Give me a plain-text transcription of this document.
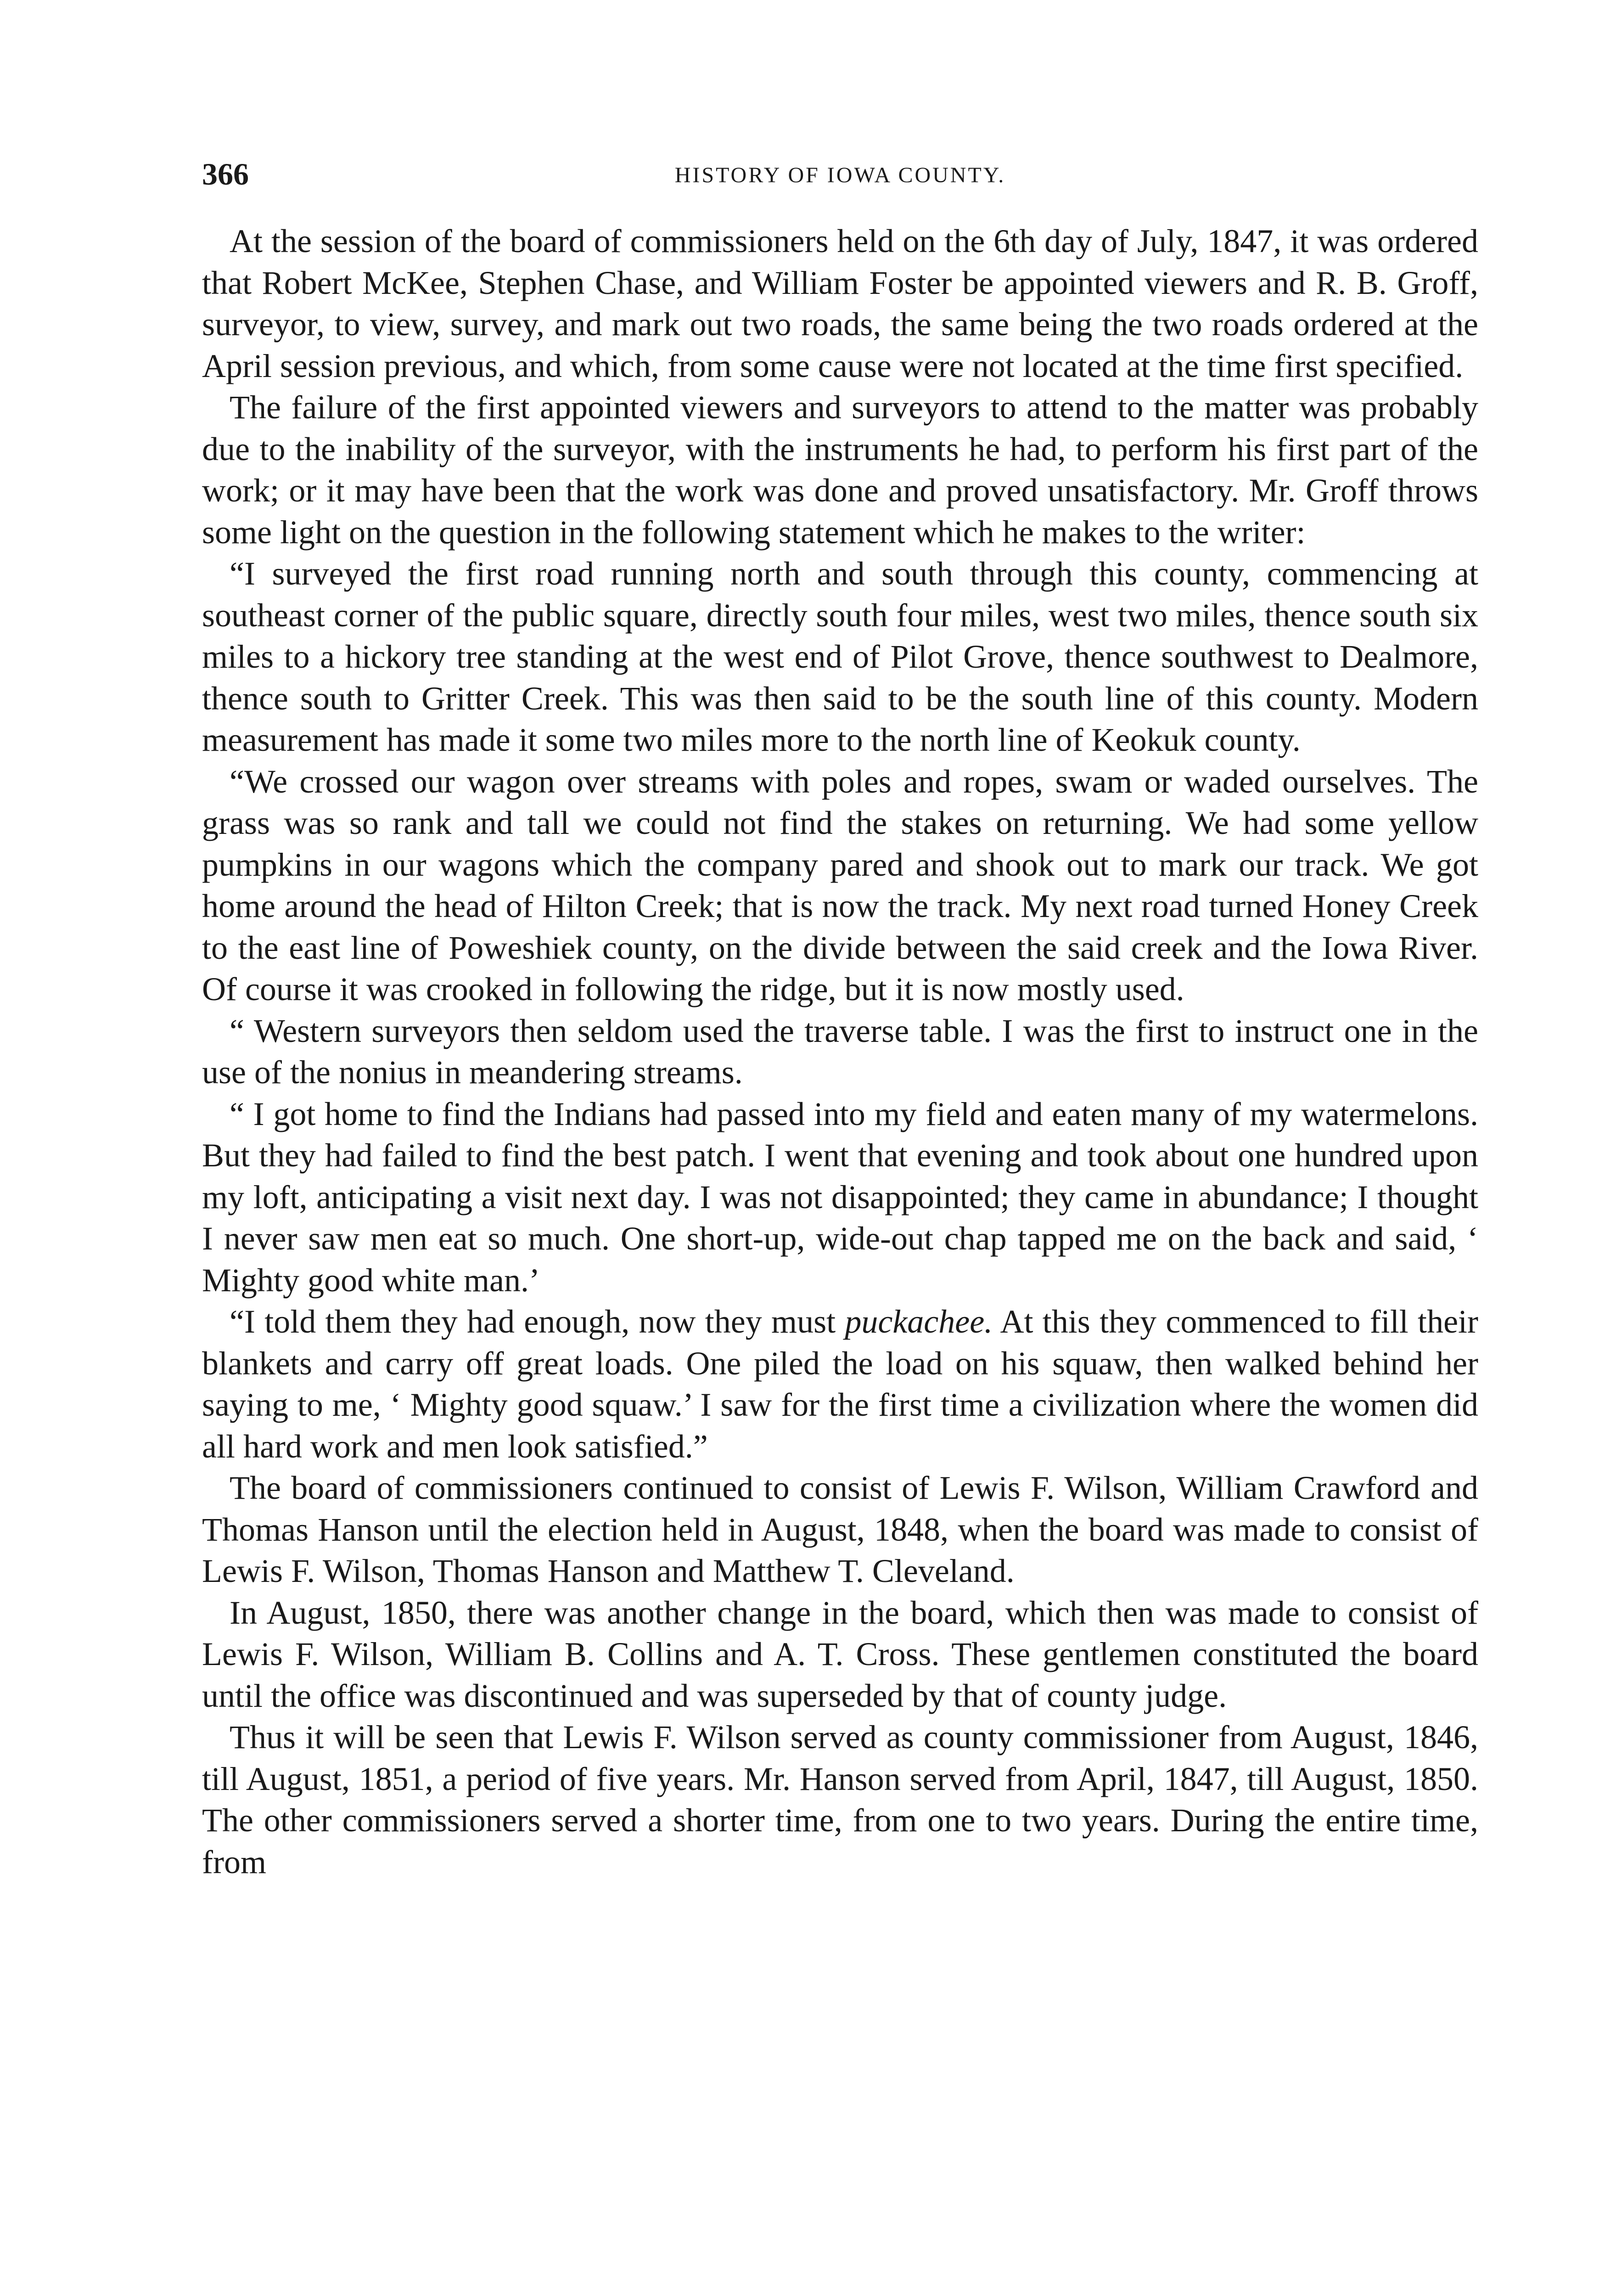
366	HISTORY OF IOWA COUNTY.

At the session of the board of commissioners held on the 6th day of July, 1847, it was ordered that Robert McKee, Stephen Chase, and William Foster be appointed viewers and R. B. Groff, surveyor, to view, survey, and mark out two roads, the same being the two roads ordered at the April session previous, and which, from some cause were not located at the time first specified.

The failure of the first appointed viewers and surveyors to attend to the matter was probably due to the inability of the surveyor, with the instruments he had, to perform his first part of the work; or it may have been that the work was done and proved unsatisfactory. Mr. Groff throws some light on the question in the following statement which he makes to the writer:

“I surveyed the first road running north and south through this county, commencing at southeast corner of the public square, directly south four miles, west two miles, thence south six miles to a hickory tree standing at the west end of Pilot Grove, thence southwest to Dealmore, thence south to Gritter Creek. This was then said to be the south line of this county. Modern measurement has made it some two miles more to the north line of Keokuk county.

“We crossed our wagon over streams with poles and ropes, swam or waded ourselves. The grass was so rank and tall we could not find the stakes on returning. We had some yellow pumpkins in our wagons which the company pared and shook out to mark our track. We got home around the head of Hilton Creek; that is now the track. My next road turned Honey Creek to the east line of Poweshiek county, on the divide between the said creek and the Iowa River. Of course it was crooked in following the ridge, but it is now mostly used.

“ Western surveyors then seldom used the traverse table. I was the first to instruct one in the use of the nonius in meandering streams.

“ I got home to find the Indians had passed into my field and eaten many of my watermelons. But they had failed to find the best patch. I went that evening and took about one hundred upon my loft, anticipating a visit next day. I was not disappointed; they came in abundance; I thought I never saw men eat so much. One short-up, wide-out chap tapped me on the back and said, ‘ Mighty good white man.’

“I told them they had enough, now they must puckachee. At this they commenced to fill their blankets and carry off great loads. One piled the load on his squaw, then walked behind her saying to me, ‘ Mighty good squaw.’ I saw for the first time a civilization where the women did all hard work and men look satisfied.”

The board of commissioners continued to consist of Lewis F. Wilson, William Crawford and Thomas Hanson until the election held in August, 1848, when the board was made to consist of Lewis F. Wilson, Thomas Hanson and Matthew T. Cleveland.

In August, 1850, there was another change in the board, which then was made to consist of Lewis F. Wilson, William B. Collins and A. T. Cross. These gentlemen constituted the board until the office was discontinued and was superseded by that of county judge.

Thus it will be seen that Lewis F. Wilson served as county commissioner from August, 1846, till August, 1851, a period of five years. Mr. Hanson served from April, 1847, till August, 1850. The other commissioners served a shorter time, from one to two years. During the entire time, from
